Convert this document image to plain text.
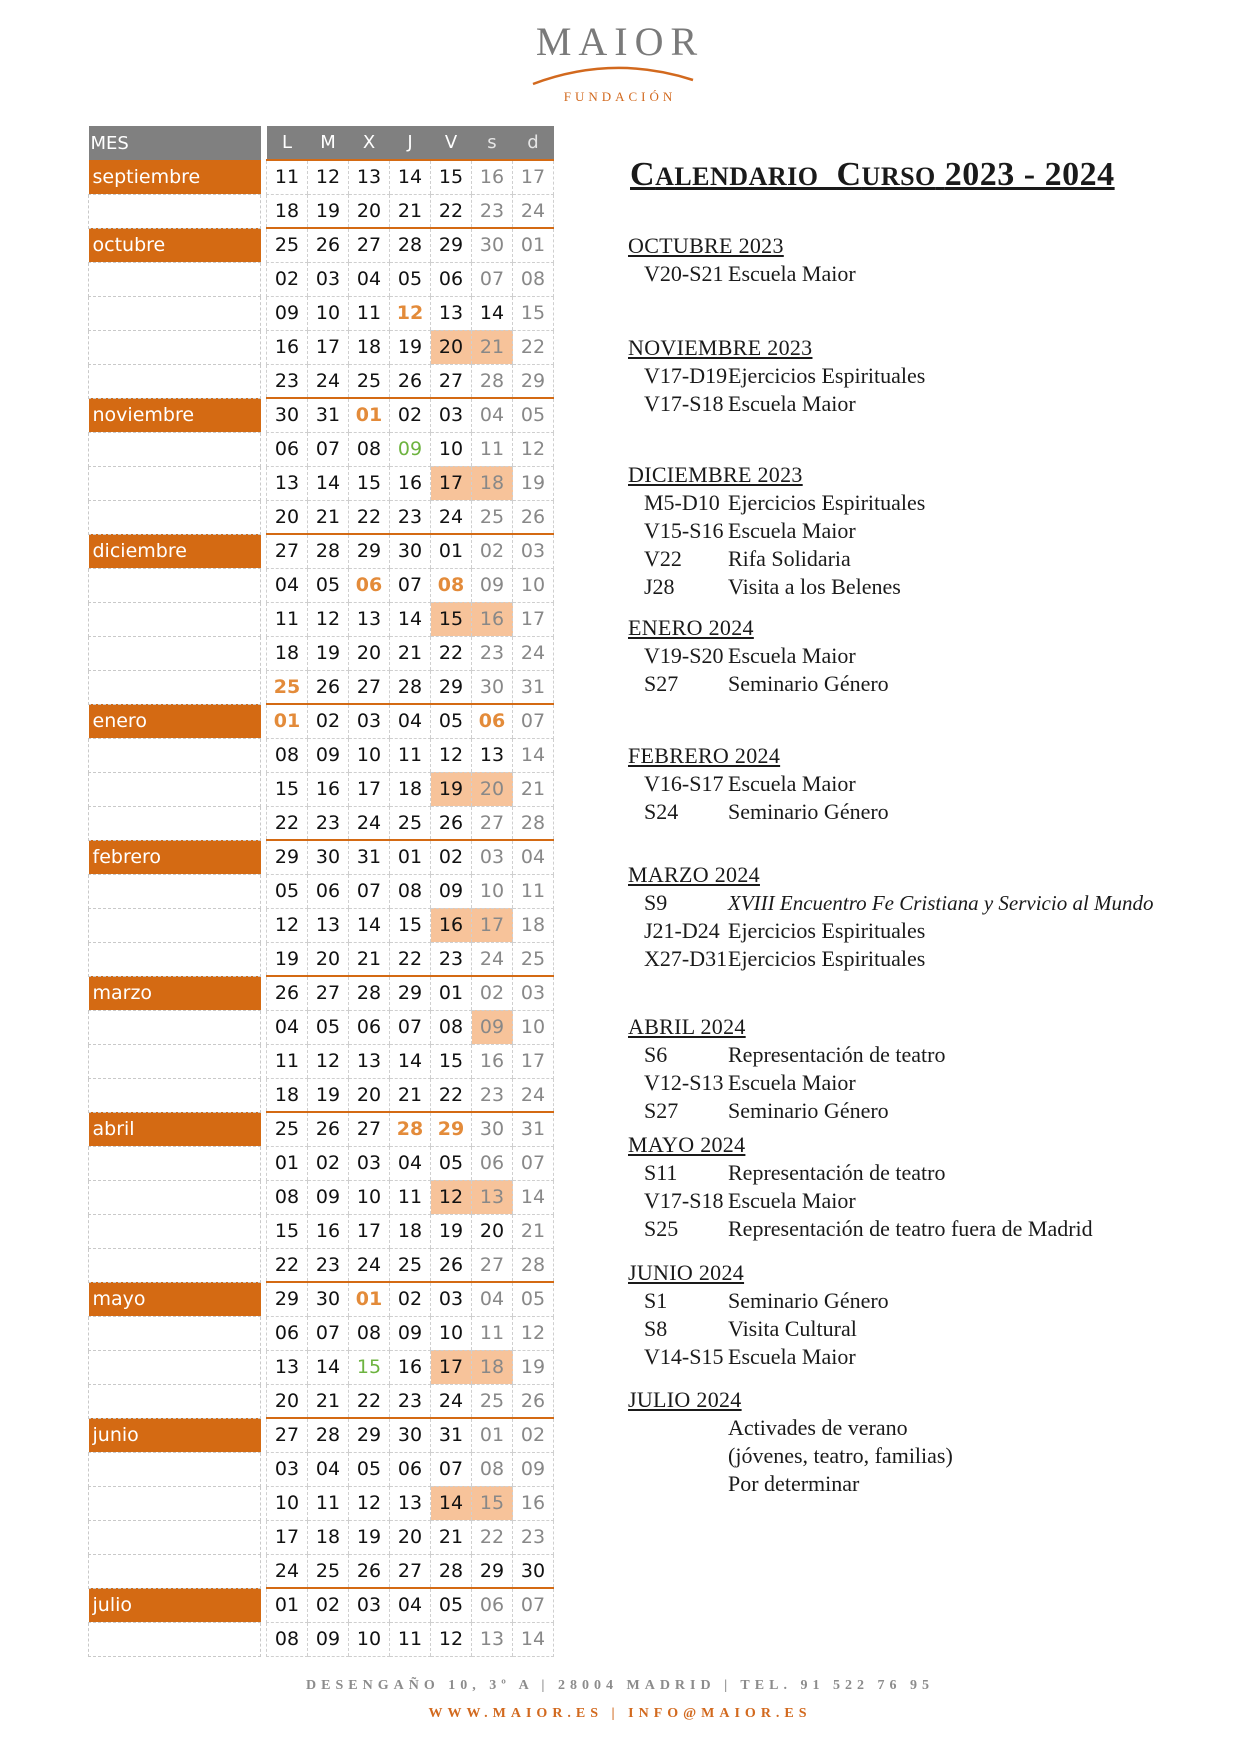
MAIOR
FUNDACIÓN
MES		L	M	X	J	V	s	d
septiembre		11	12	13	14	15	16	17
		18	19	20	21	22	23	24
octubre		25	26	27	28	29	30	01
		02	03	04	05	06	07	08
		09	10	11	12	13	14	15
		16	17	18	19	20	21	22
		23	24	25	26	27	28	29
noviembre		30	31	01	02	03	04	05
		06	07	08	09	10	11	12
		13	14	15	16	17	18	19
		20	21	22	23	24	25	26
diciembre		27	28	29	30	01	02	03
		04	05	06	07	08	09	10
		11	12	13	14	15	16	17
		18	19	20	21	22	23	24
		25	26	27	28	29	30	31
enero		01	02	03	04	05	06	07
		08	09	10	11	12	13	14
		15	16	17	18	19	20	21
		22	23	24	25	26	27	28
febrero		29	30	31	01	02	03	04
		05	06	07	08	09	10	11
		12	13	14	15	16	17	18
		19	20	21	22	23	24	25
marzo		26	27	28	29	01	02	03
		04	05	06	07	08	09	10
		11	12	13	14	15	16	17
		18	19	20	21	22	23	24
abril		25	26	27	28	29	30	31
		01	02	03	04	05	06	07
		08	09	10	11	12	13	14
		15	16	17	18	19	20	21
		22	23	24	25	26	27	28
mayo		29	30	01	02	03	04	05
		06	07	08	09	10	11	12
		13	14	15	16	17	18	19
		20	21	22	23	24	25	26
junio		27	28	29	30	31	01	02
		03	04	05	06	07	08	09
		10	11	12	13	14	15	16
		17	18	19	20	21	22	23
		24	25	26	27	28	29	30
julio		01	02	03	04	05	06	07
		08	09	10	11	12	13	14
CALENDARIO CURSO 2023 - 2024
OCTUBRE 2023
V20-S21 Escuela Maior
NOVIEMBRE 2023
V17-D19 Ejercicios Espirituales
V17-S18 Escuela Maior
DICIEMBRE 2023
M5-D10 Ejercicios Espirituales
V15-S16 Escuela Maior
V22	Rifa Solidaria
J28	Visita a los Belenes
ENERO 2024
V19-S20 Escuela Maior
S27	Seminario Género
FEBRERO 2024
V16-S17 Escuela Maior
S24	Seminario Género
MARZO 2024
S9	XVIII Encuentro Fe Cristiana y Servicio al Mundo
J21-D24 Ejercicios Espirituales
X27-D31 Ejercicios Espirituales
ABRIL 2024
S6	Representación de teatro
V12-S13 Escuela Maior
S27	Seminario Género
MAYO 2024
S11	Representación de teatro
V17-S18 Escuela Maior
S25	Representación de teatro fuera de Madrid
JUNIO 2024
S1	Seminario Género
S8	Visita Cultural
V14-S15 Escuela Maior
JULIO 2024
Activades de verano
(jóvenes, teatro, familias)
Por determinar
DESENGAÑO 10, 3º A | 28004 MADRID | TEL. 91 522 76 95
WWW.MAIOR.ES | INFO@MAIOR.ES
